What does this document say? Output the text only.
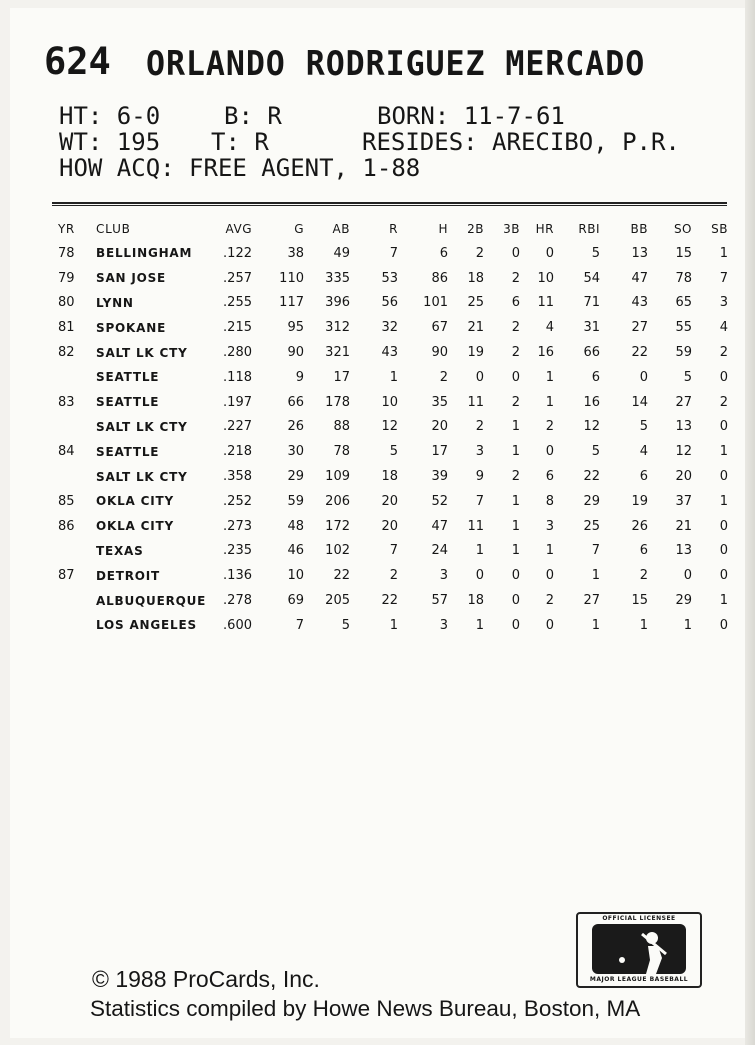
624 ORLANDO RODRIGUEZ MERCADO
HT: 6-0	B: R	BORN: 11-7-61
WT: 195 T: R	RESIDES: ARECIBO, P.R.
HOW ACQ: FREE AGENT, 1-88
YR	CLUB	AVG	G	AB	R	H	2B	3B	HR	RBI	BB	SO	SB
78	BELLINGHAM	.122	38	49	7	6	2	0	0	5	13	15	1
79	SAN JOSE	.257	110	335	53	86	18	2	10	54	47	78	7
80	LYNN	.255	117	396	56	101	25	6	11	71	43	65	3
81	SPOKANE	.215	95	312	32	67	21	2	4	31	27	55	4
82	SALT LK CTY	.280	90	321	43	90	19	2	16	66	22	59	2
	SEATTLE	.118	9	17	1	2	0	0	1	6	0	5	0
83	SEATTLE	.197	66	178	10	35	11	2	1	16	14	27	2
	SALT LK CTY	.227	26	88	12	20	2	1	2	12	5	13	0
84	SEATTLE	.218	30	78	5	17	3	1	0	5	4	12	1
	SALT LK CTY	.358	29	109	18	39	9	2	6	22	6	20	0
85	OKLA CITY	.252	59	206	20	52	7	1	8	29	19	37	1
86	OKLA CITY	.273	48	172	20	47	11	1	3	25	26	21	0
	TEXAS	.235	46	102	7	24	1	1	1	7	6	13	0
87	DETROIT	.136	10	22	2	3	0	0	0	1	2	0	0
	ALBUQUERQUE	.278	69	205	22	57	18	0	2	27	15	29	1
	LOS ANGELES	.600	7	5	1	3	1	0	0	1	1	1	0
OFFICIAL LICENSEE
MAJOR LEAGUE BASEBALL
© 1988 ProCards, Inc.
Statistics compiled by Howe News Bureau, Boston, MA
